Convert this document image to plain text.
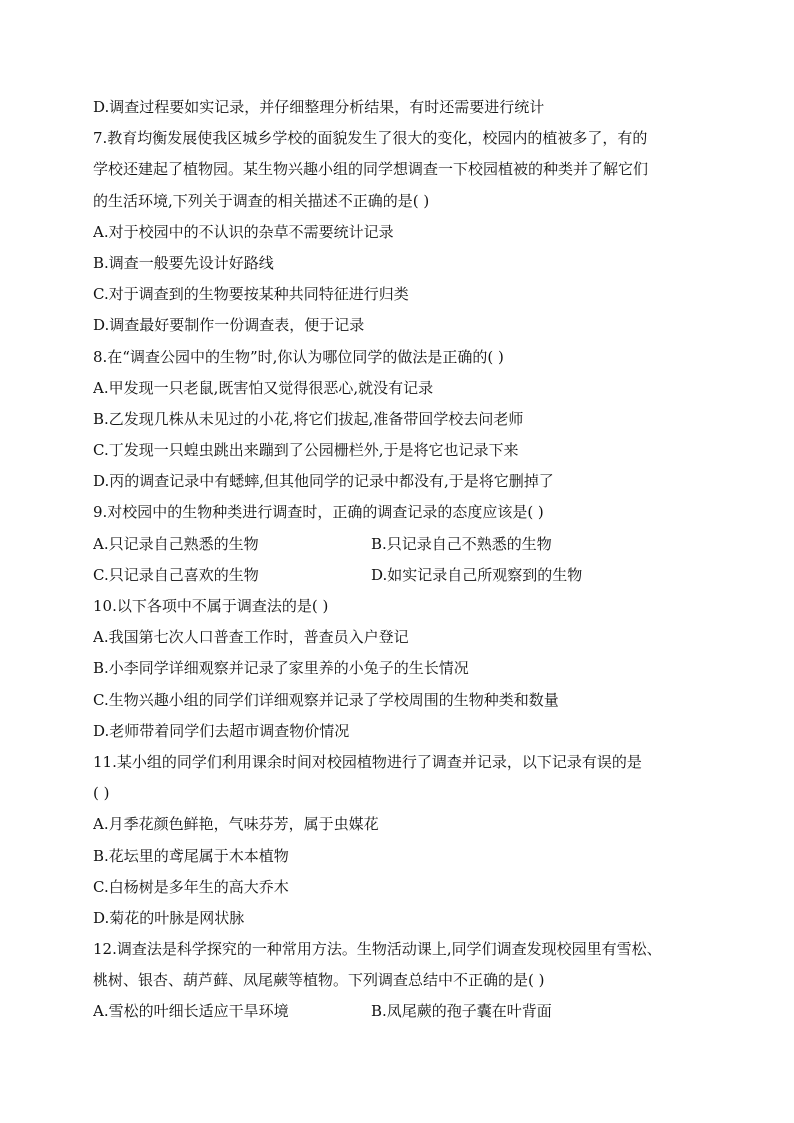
D.调查过程要如实记录，并仔细整理分析结果，有时还需要进行统计
7.教育均衡发展使我区城乡学校的面貌发生了很大的变化，校园内的植被多了，有的
学校还建起了植物园。某生物兴趣小组的同学想调查一下校园植被的种类并了解它们
的生活环境,下列关于调查的相关描述不正确的是( )
A.对于校园中的不认识的杂草不需要统计记录
B.调查一般要先设计好路线
C.对于调查到的生物要按某种共同特征进行归类
D.调查最好要制作一份调查表，便于记录
8.在“调查公园中的生物”时,你认为哪位同学的做法是正确的( )
A.甲发现一只老鼠,既害怕又觉得很恶心,就没有记录
B.乙发现几株从未见过的小花,将它们拔起,准备带回学校去问老师
C.丁发现一只蝗虫跳出来蹦到了公园栅栏外,于是将它也记录下来
D.丙的调查记录中有蟋蟀,但其他同学的记录中都没有,于是将它删掉了
9.对校园中的生物种类进行调查时，正确的调查记录的态度应该是( )
A.只记录自己熟悉的生物	B.只记录自己不熟悉的生物
C.只记录自己喜欢的生物	D.如实记录自己所观察到的生物
10.以下各项中不属于调查法的是( )
A.我国第七次人口普查工作时，普查员入户登记
B.小李同学详细观察并记录了家里养的小兔子的生长情况
C.生物兴趣小组的同学们详细观察并记录了学校周围的生物种类和数量
D.老师带着同学们去超市调查物价情况
11.某小组的同学们利用课余时间对校园植物进行了调查并记录，以下记录有误的是
( )
A.月季花颜色鲜艳，气味芬芳，属于虫媒花
B.花坛里的鸢尾属于木本植物
C.白杨树是多年生的高大乔木
D.菊花的叶脉是网状脉
12.调查法是科学探究的一种常用方法。生物活动课上,同学们调查发现校园里有雪松、
桃树、银杏、葫芦藓、凤尾蕨等植物。下列调查总结中不正确的是( )
A.雪松的叶细长适应干旱环境	B.凤尾蕨的孢子囊在叶背面
